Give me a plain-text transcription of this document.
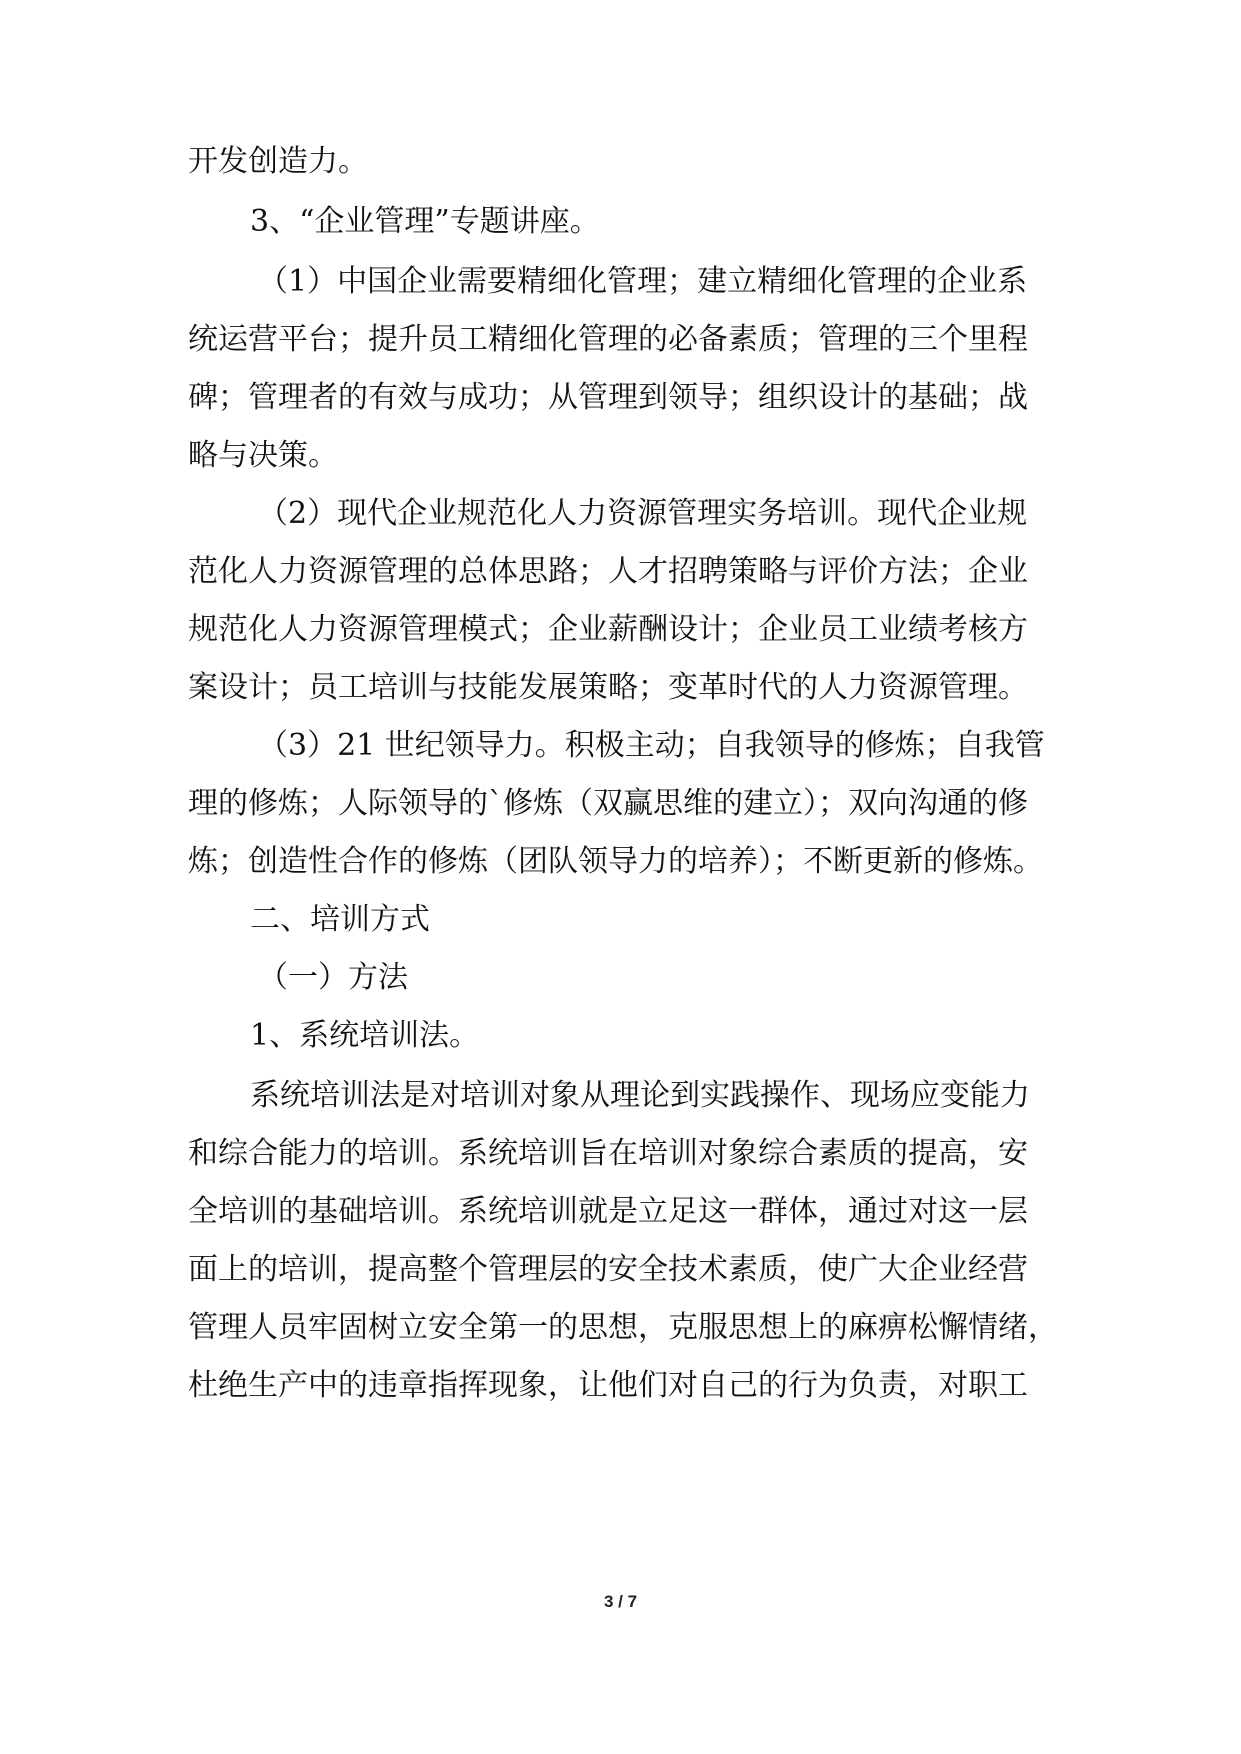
开发创造力。

3、“企业管理”专题讲座。

（1）中国企业需要精细化管理；建立精细化管理的企业系

统运营平台；提升员工精细化管理的必备素质；管理的三个里程

碑；管理者的有效与成功；从管理到领导；组织设计的基础；战

略与决策。

（2）现代企业规范化人力资源管理实务培训。现代企业规

范化人力资源管理的总体思路；人才招聘策略与评价方法；企业

规范化人力资源管理模式；企业薪酬设计；企业员工业绩考核方

案设计；员工培训与技能发展策略；变革时代的人力资源管理。

（3）21 世纪领导力。积极主动；自我领导的修炼；自我管

理的修炼；人际领导的`修炼（双赢思维的建立）；双向沟通的修

炼；创造性合作的修炼（团队领导力的培养）；不断更新的修炼。

二、培训方式

（一）方法

1、系统培训法。

系统培训法是对培训对象从理论到实践操作、现场应变能力

和综合能力的培训。系统培训旨在培训对象综合素质的提高，安

全培训的基础培训。系统培训就是立足这一群体，通过对这一层

面上的培训，提高整个管理层的安全技术素质，使广大企业经营

管理人员牢固树立安全第一的思想，克服思想上的麻痹松懈情绪，

杜绝生产中的违章指挥现象，让他们对自己的行为负责，对职工

3 / 7
